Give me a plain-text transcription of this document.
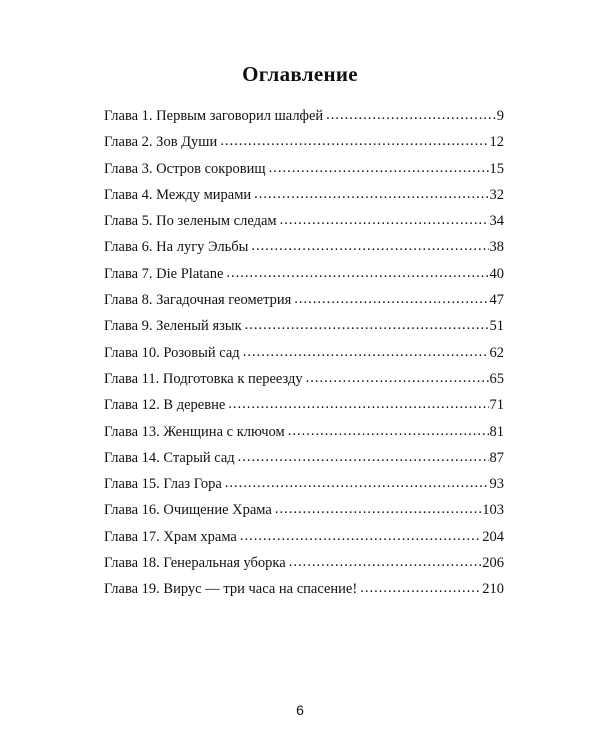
Оглавление
Глава 1. Первым заговорил шалфей .....	9
Глава 2. Зов Души .....	12
Глава 3. Остров сокровищ .....	15
Глава 4. Между мирами .....	32
Глава 5. По зеленым следам .....	34
Глава 6. На лугу Эльбы .....	38
Глава 7. Die Platane .....	40
Глава 8. Загадочная геометрия .....	47
Глава 9. Зеленый язык .....	51
Глава 10. Розовый сад .....	62
Глава 11. Подготовка к переезду .....	65
Глава 12. В деревне .....	71
Глава 13. Женщина с ключом .....	81
Глава 14. Старый сад .....	87
Глава 15. Глаз Гора .....	93
Глава 16. Очищение Храма .....	103
Глава 17. Храм храма .....	204
Глава 18. Генеральная уборка .....	206
Глава 19. Вирус — три часа на спасение! .....	210
6
